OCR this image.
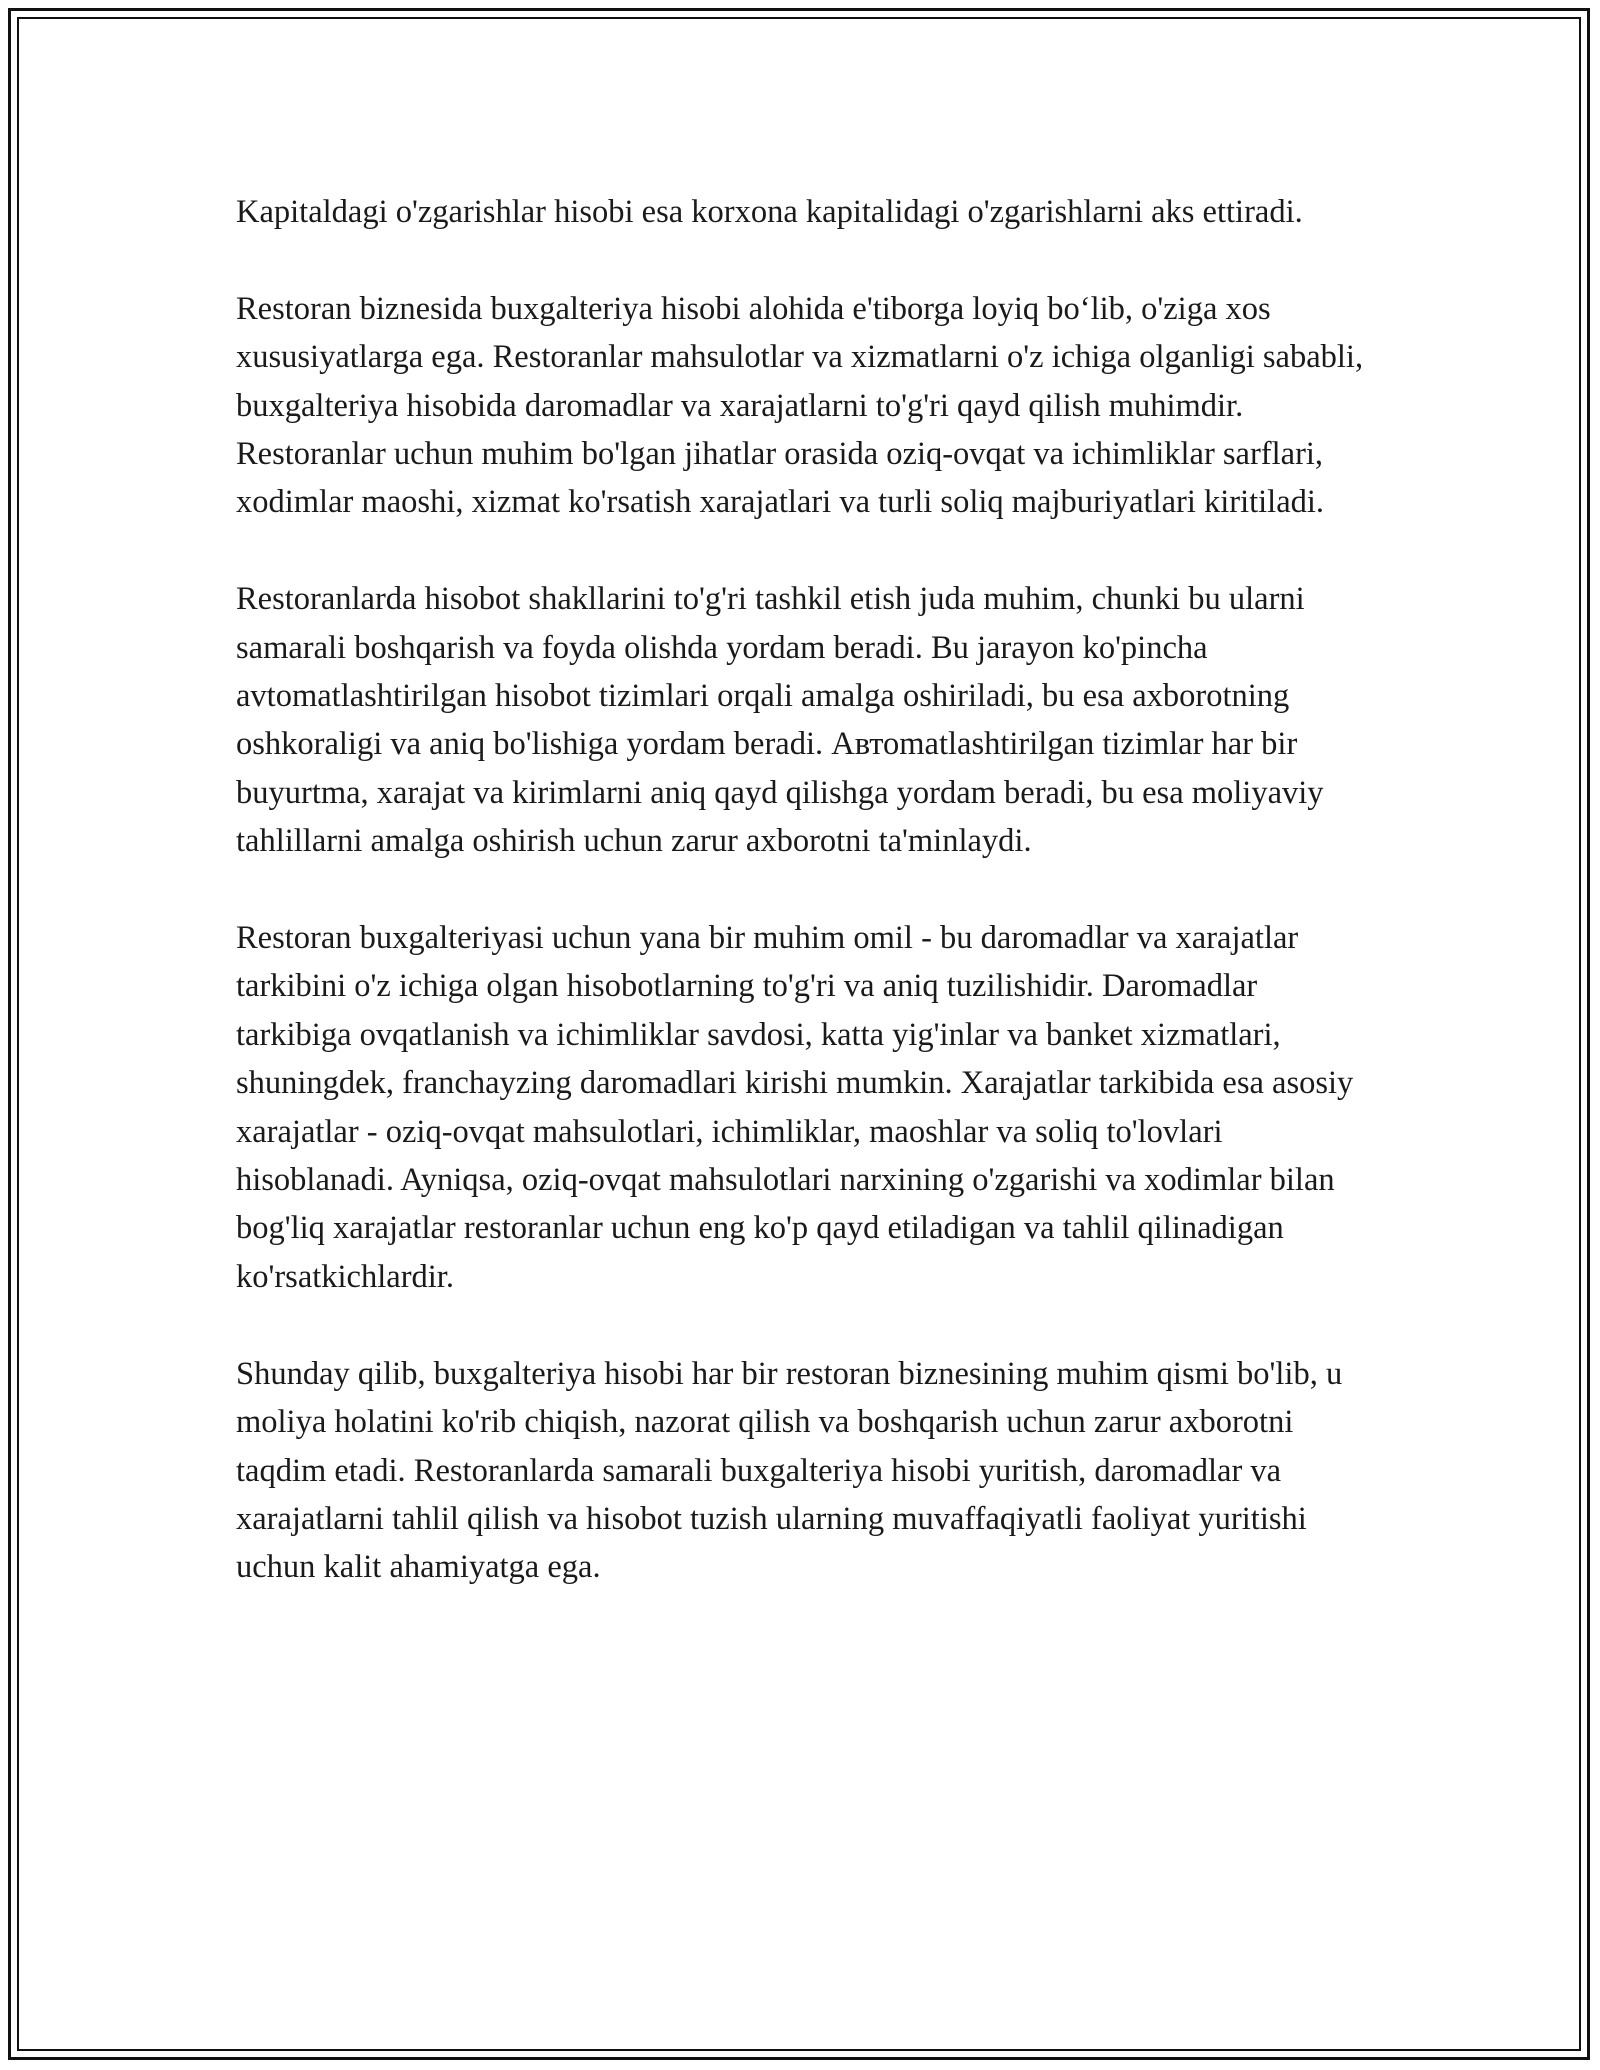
Kapitaldagi o'zgarishlar hisobi esa korxona kapitalidagi o'zgarishlarni aks ettiradi.

Restoran biznesida buxgalteriya hisobi alohida e'tiborga loyiq bo‘lib, o'ziga xos xususiyatlarga ega. Restoranlar mahsulotlar va xizmatlarni o'z ichiga olganligi sababli, buxgalteriya hisobida daromadlar va xarajatlarni to'g'ri qayd qilish muhimdir. Restoranlar uchun muhim bo'lgan jihatlar orasida oziq-ovqat va ichimliklar sarflari, xodimlar maoshi, xizmat ko'rsatish xarajatlari va turli soliq majburiyatlari kiritiladi.

Restoranlarda hisobot shakllarini to'g'ri tashkil etish juda muhim, chunki bu ularni samarali boshqarish va foyda olishda yordam beradi. Bu jarayon ko'pincha avtomatlashtirilgan hisobot tizimlari orqali amalga oshiriladi, bu esa axborotning oshkoraligi va aniq bo'lishiga yordam beradi. Автоmatlashtirilgan tizimlar har bir buyurtma, xarajat va kirimlarni aniq qayd qilishga yordam beradi, bu esa moliyaviy tahlillarni amalga oshirish uchun zarur axborotni ta'minlaydi.

Restoran buxgalteriyasi uchun yana bir muhim omil - bu daromadlar va xarajatlar tarkibini o'z ichiga olgan hisobotlarning to'g'ri va aniq tuzilishidir. Daromadlar tarkibiga ovqatlanish va ichimliklar savdosi, katta yig'inlar va banket xizmatlari, shuningdek, franchayzing daromadlari kirishi mumkin. Xarajatlar tarkibida esa asosiy xarajatlar - oziq-ovqat mahsulotlari, ichimliklar, maoshlar va soliq to'lovlari hisoblanadi. Ayniqsa, oziq-ovqat mahsulotlari narxining o'zgarishi va xodimlar bilan bog'liq xarajatlar restoranlar uchun eng ko'p qayd etiladigan va tahlil qilinadigan ko'rsatkichlardir.

Shunday qilib, buxgalteriya hisobi har bir restoran biznesining muhim qismi bo'lib, u moliya holatini ko'rib chiqish, nazorat qilish va boshqarish uchun zarur axborotni taqdim etadi. Restoranlarda samarali buxgalteriya hisobi yuritish, daromadlar va xarajatlarni tahlil qilish va hisobot tuzish ularning muvaffaqiyatli faoliyat yuritishi uchun kalit ahamiyatga ega.
